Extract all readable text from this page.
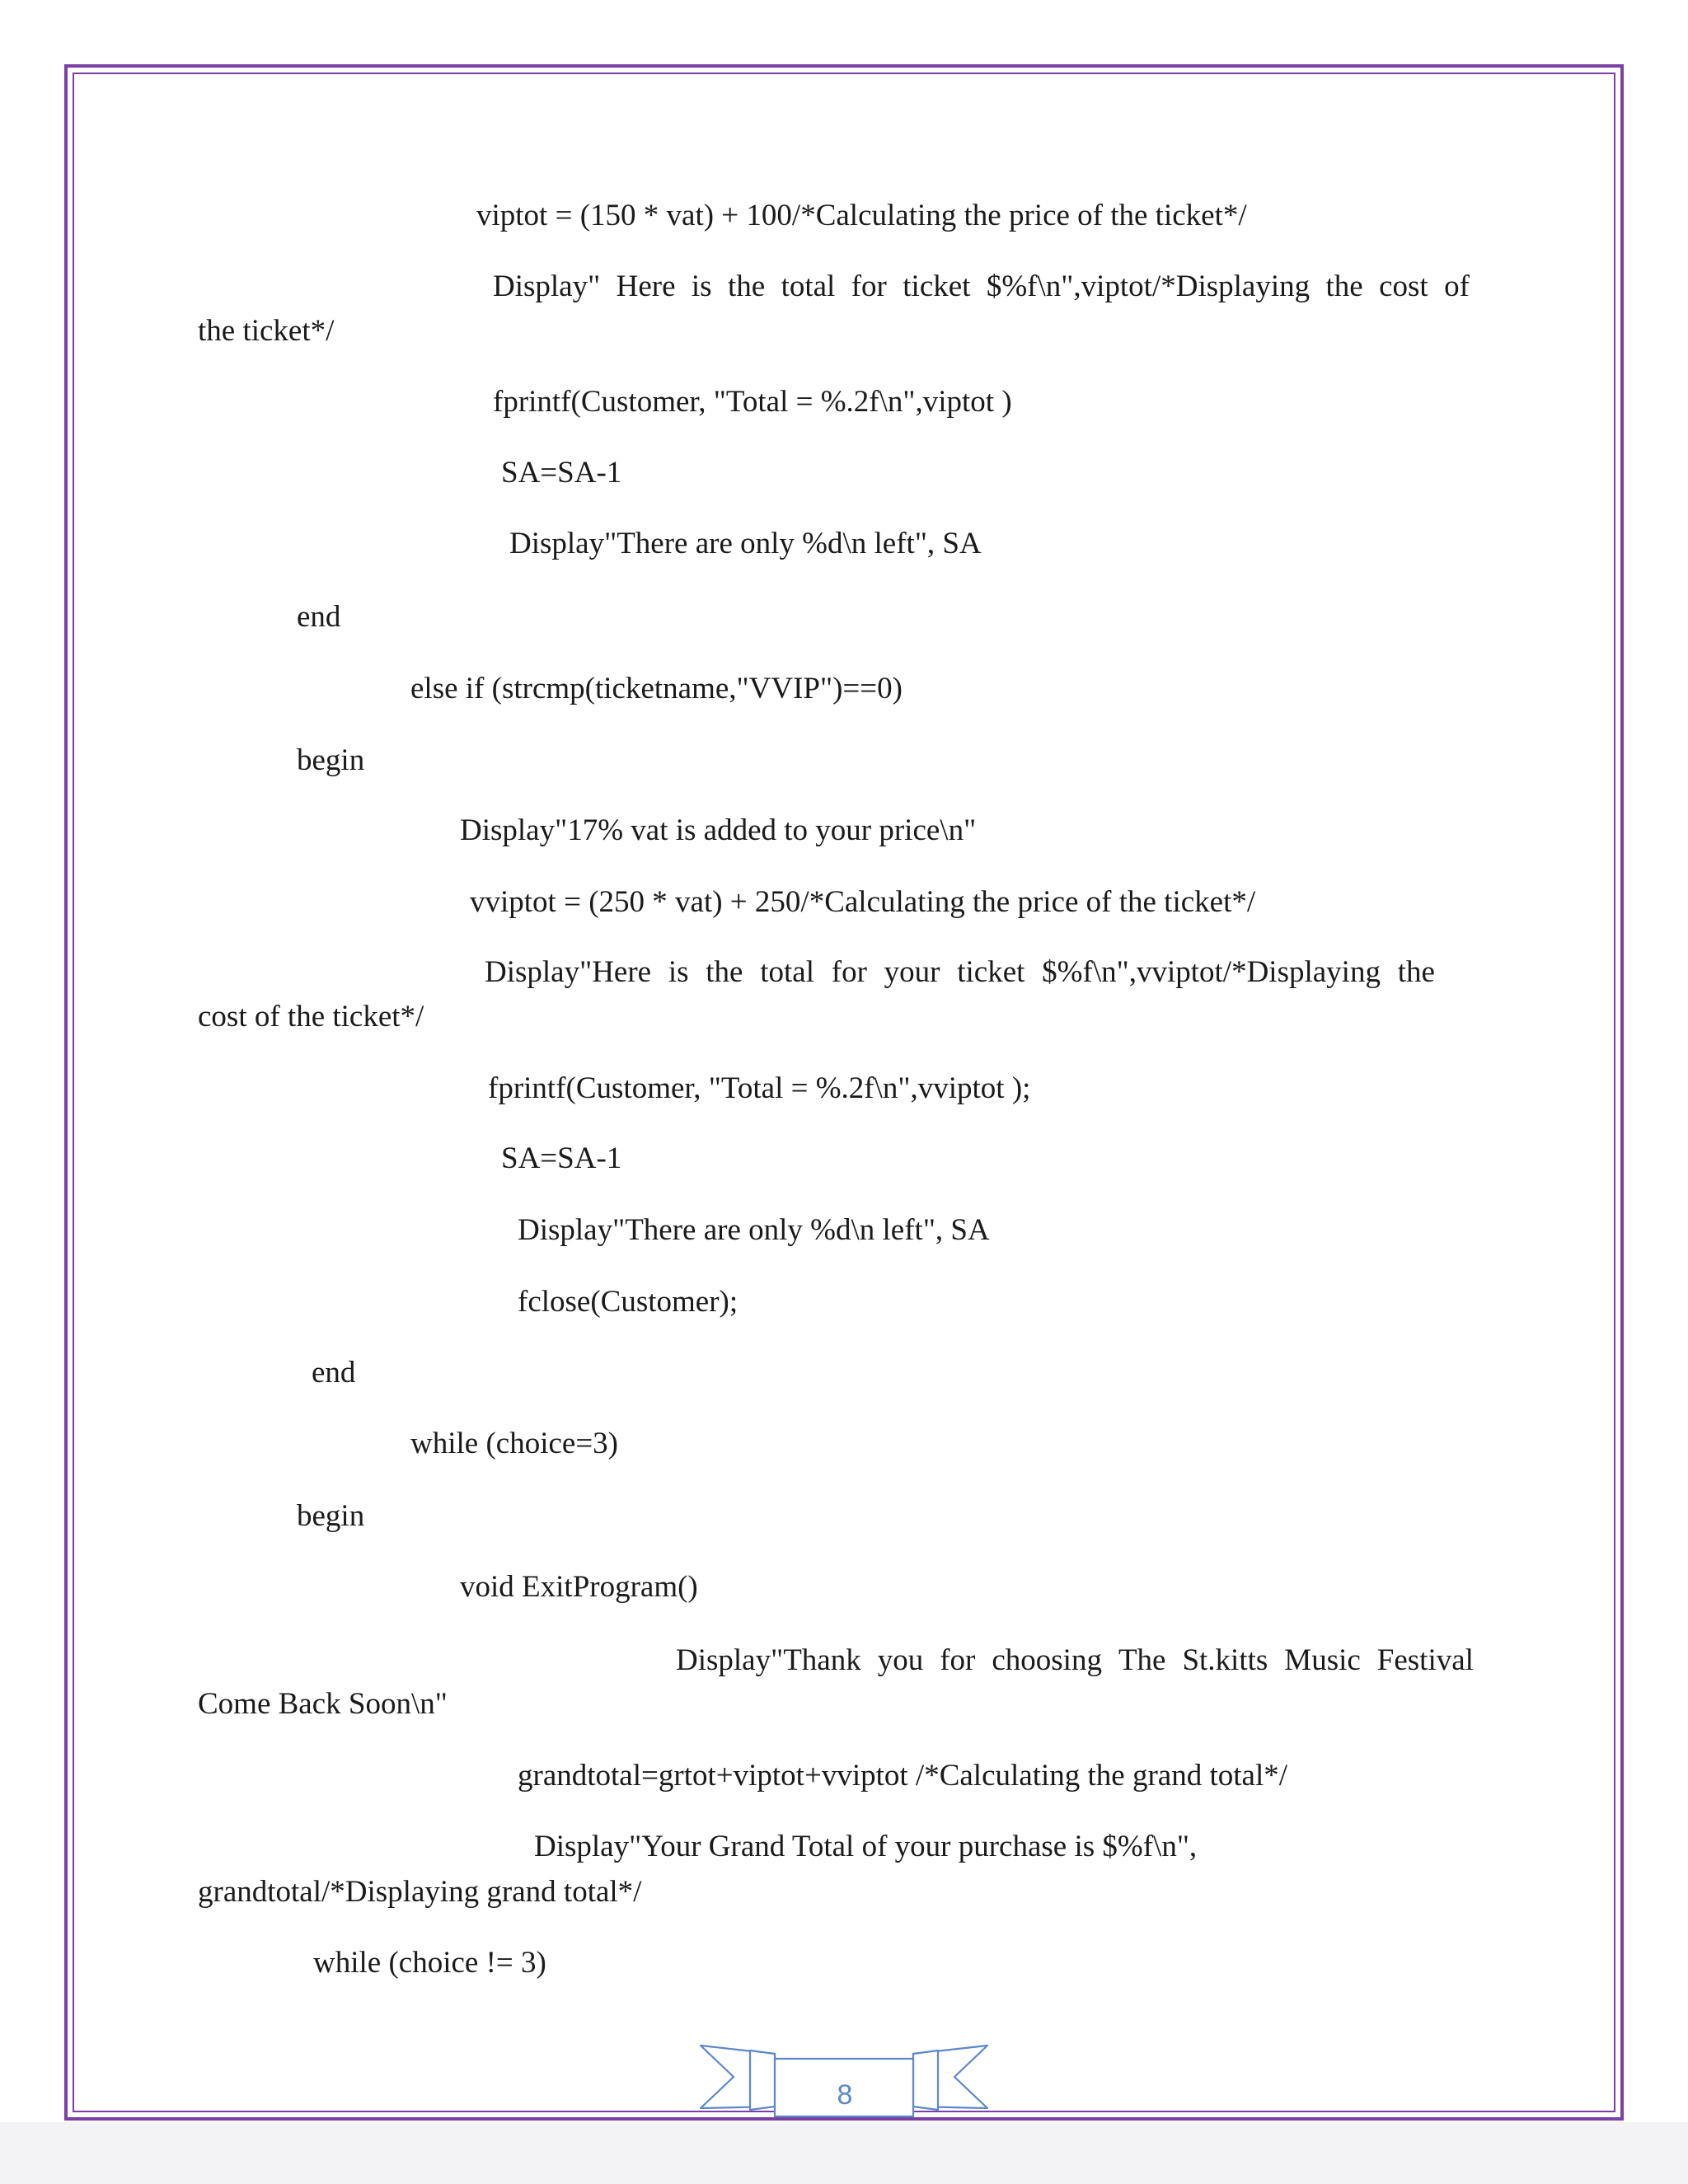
viptot = (150 * vat) + 100/*Calculating the price of the ticket*/
Display" Here is the total for ticket $%f\n",viptot/*Displaying the cost of
the ticket*/
fprintf(Customer, "Total = %.2f\n",viptot )
SA=SA-1
Display"There are only %d\n left", SA
end
else if (strcmp(ticketname,"VVIP")==0)
begin
Display"17% vat is added to your price\n"
vviptot = (250 * vat) + 250/*Calculating the price of the ticket*/
Display"Here is the total for your ticket $%f\n",vviptot/*Displaying the
cost of the ticket*/
fprintf(Customer, "Total = %.2f\n",vviptot );
SA=SA-1
Display"There are only %d\n left", SA
fclose(Customer);
end
while (choice=3)
begin
void ExitProgram()
Display"Thank you for choosing The St.kitts Music Festival
Come Back Soon\n"
grandtotal=grtot+viptot+vviptot /*Calculating the grand total*/
Display"Your Grand Total of your purchase is $%f\n",
grandtotal/*Displaying grand total*/
while (choice != 3)
8
